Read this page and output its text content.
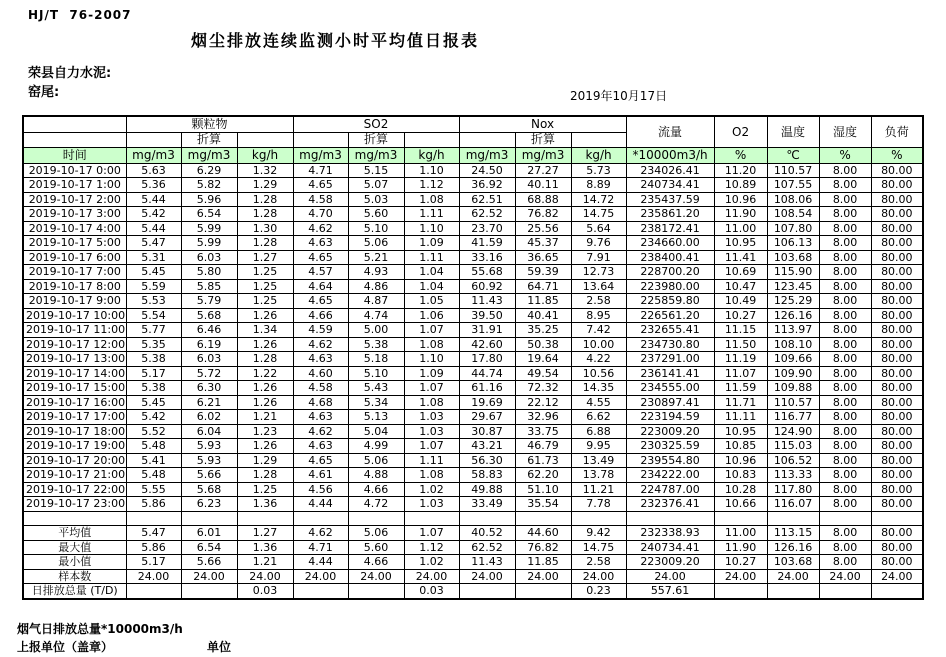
HJ/T  76-2007
烟尘排放连续监测小时平均值日报表
荣县自力水泥:
窑尾:	2019年10月17日
	颗粒物			SO2			Nox			流量	O2	温度	湿度	负荷
		折算			折算			折算						
时间	mg/m3	mg/m3	kg/h	mg/m3	mg/m3	kg/h	mg/m3	mg/m3	kg/h	*10000m3/h	%	℃	%	%
2019-10-17 0:00	5.63	6.29	1.32	4.71	5.15	1.10	24.50	27.27	5.73	234026.41	11.20	110.57	8.00	80.00
2019-10-17 1:00	5.36	5.82	1.29	4.65	5.07	1.12	36.92	40.11	8.89	240734.41	10.89	107.55	8.00	80.00
2019-10-17 2:00	5.44	5.96	1.28	4.58	5.03	1.08	62.51	68.88	14.72	235437.59	10.96	108.06	8.00	80.00
2019-10-17 3:00	5.42	6.54	1.28	4.70	5.60	1.11	62.52	76.82	14.75	235861.20	11.90	108.54	8.00	80.00
2019-10-17 4:00	5.44	5.99	1.30	4.62	5.10	1.10	23.70	25.56	5.64	238172.41	11.00	107.80	8.00	80.00
2019-10-17 5:00	5.47	5.99	1.28	4.63	5.06	1.09	41.59	45.37	9.76	234660.00	10.95	106.13	8.00	80.00
2019-10-17 6:00	5.31	6.03	1.27	4.65	5.21	1.11	33.16	36.65	7.91	238400.41	11.41	103.68	8.00	80.00
2019-10-17 7:00	5.45	5.80	1.25	4.57	4.93	1.04	55.68	59.39	12.73	228700.20	10.69	115.90	8.00	80.00
2019-10-17 8:00	5.59	5.85	1.25	4.64	4.86	1.04	60.92	64.71	13.64	223980.00	10.47	123.45	8.00	80.00
2019-10-17 9:00	5.53	5.79	1.25	4.65	4.87	1.05	11.43	11.85	2.58	225859.80	10.49	125.29	8.00	80.00
2019-10-17 10:00	5.54	5.68	1.26	4.66	4.74	1.06	39.50	40.41	8.95	226561.20	10.27	126.16	8.00	80.00
2019-10-17 11:00	5.77	6.46	1.34	4.59	5.00	1.07	31.91	35.25	7.42	232655.41	11.15	113.97	8.00	80.00
2019-10-17 12:00	5.35	6.19	1.26	4.62	5.38	1.08	42.60	50.38	10.00	234730.80	11.50	108.10	8.00	80.00
2019-10-17 13:00	5.38	6.03	1.28	4.63	5.18	1.10	17.80	19.64	4.22	237291.00	11.19	109.66	8.00	80.00
2019-10-17 14:00	5.17	5.72	1.22	4.60	5.10	1.09	44.74	49.54	10.56	236141.41	11.07	109.90	8.00	80.00
2019-10-17 15:00	5.38	6.30	1.26	4.58	5.43	1.07	61.16	72.32	14.35	234555.00	11.59	109.88	8.00	80.00
2019-10-17 16:00	5.45	6.21	1.26	4.68	5.34	1.08	19.69	22.12	4.55	230897.41	11.71	110.57	8.00	80.00
2019-10-17 17:00	5.42	6.02	1.21	4.63	5.13	1.03	29.67	32.96	6.62	223194.59	11.11	116.77	8.00	80.00
2019-10-17 18:00	5.52	6.04	1.23	4.62	5.04	1.03	30.87	33.75	6.88	223009.20	10.95	124.90	8.00	80.00
2019-10-17 19:00	5.48	5.93	1.26	4.63	4.99	1.07	43.21	46.79	9.95	230325.59	10.85	115.03	8.00	80.00
2019-10-17 20:00	5.41	5.93	1.29	4.65	5.06	1.11	56.30	61.73	13.49	239554.80	10.96	106.52	8.00	80.00
2019-10-17 21:00	5.48	5.66	1.28	4.61	4.88	1.08	58.83	62.20	13.78	234222.00	10.83	113.33	8.00	80.00
2019-10-17 22:00	5.55	5.68	1.25	4.56	4.66	1.02	49.88	51.10	11.21	224787.00	10.28	117.80	8.00	80.00
2019-10-17 23:00	5.86	6.23	1.36	4.44	4.72	1.03	33.49	35.54	7.78	232376.41	10.66	116.07	8.00	80.00

平均值	5.47	6.01	1.27	4.62	5.06	1.07	40.52	44.60	9.42	232338.93	11.00	113.15	8.00	80.00
最大值	5.86	6.54	1.36	4.71	5.60	1.12	62.52	76.82	14.75	240734.41	11.90	126.16	8.00	80.00
最小值	5.17	5.66	1.21	4.44	4.66	1.02	11.43	11.85	2.58	223009.20	10.27	103.68	8.00	80.00
样本数	24.00	24.00	24.00	24.00	24.00	24.00	24.00	24.00	24.00	24.00	24.00	24.00	24.00	24.00
日排放总量 (T/D)			0.03			0.03			0.23	557.61				
烟气日排放总量*10000m3/h
上报单位（盖章）	单位
